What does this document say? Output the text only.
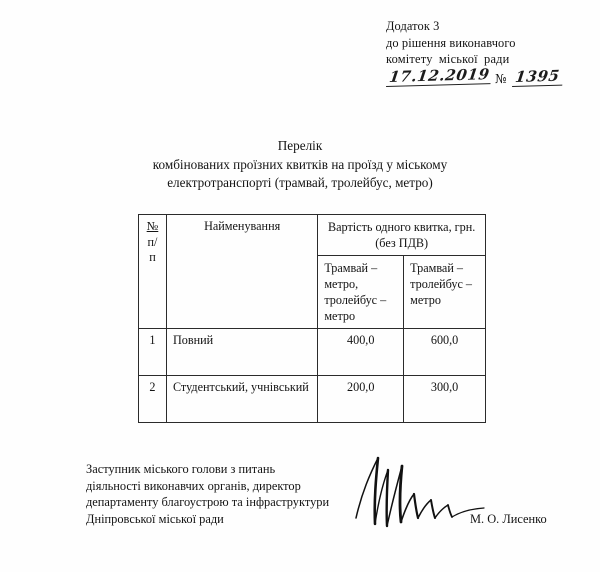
Додаток 3
до рішення виконавчого
комітету міської ради
17.12.2019 № 1395
Перелік
комбінованих проїзних квитків на проїзд у міському
електротранспорті (трамвай, тролейбус, метро)
№
п/п	Найменування	Вартість одного квитка, грн.
(без ПДВ)	
		Трамвай – метро, тролейбус – метро	Трамвай – тролейбус – метро
1	Повний	400,0	600,0
2	Студентський, учнівський	200,0	300,0
Заступник міського голови з питань
діяльності виконавчих органів, директор
департаменту благоустрою та інфраструктури
Дніпровської міської ради	М. О. Лисенко
